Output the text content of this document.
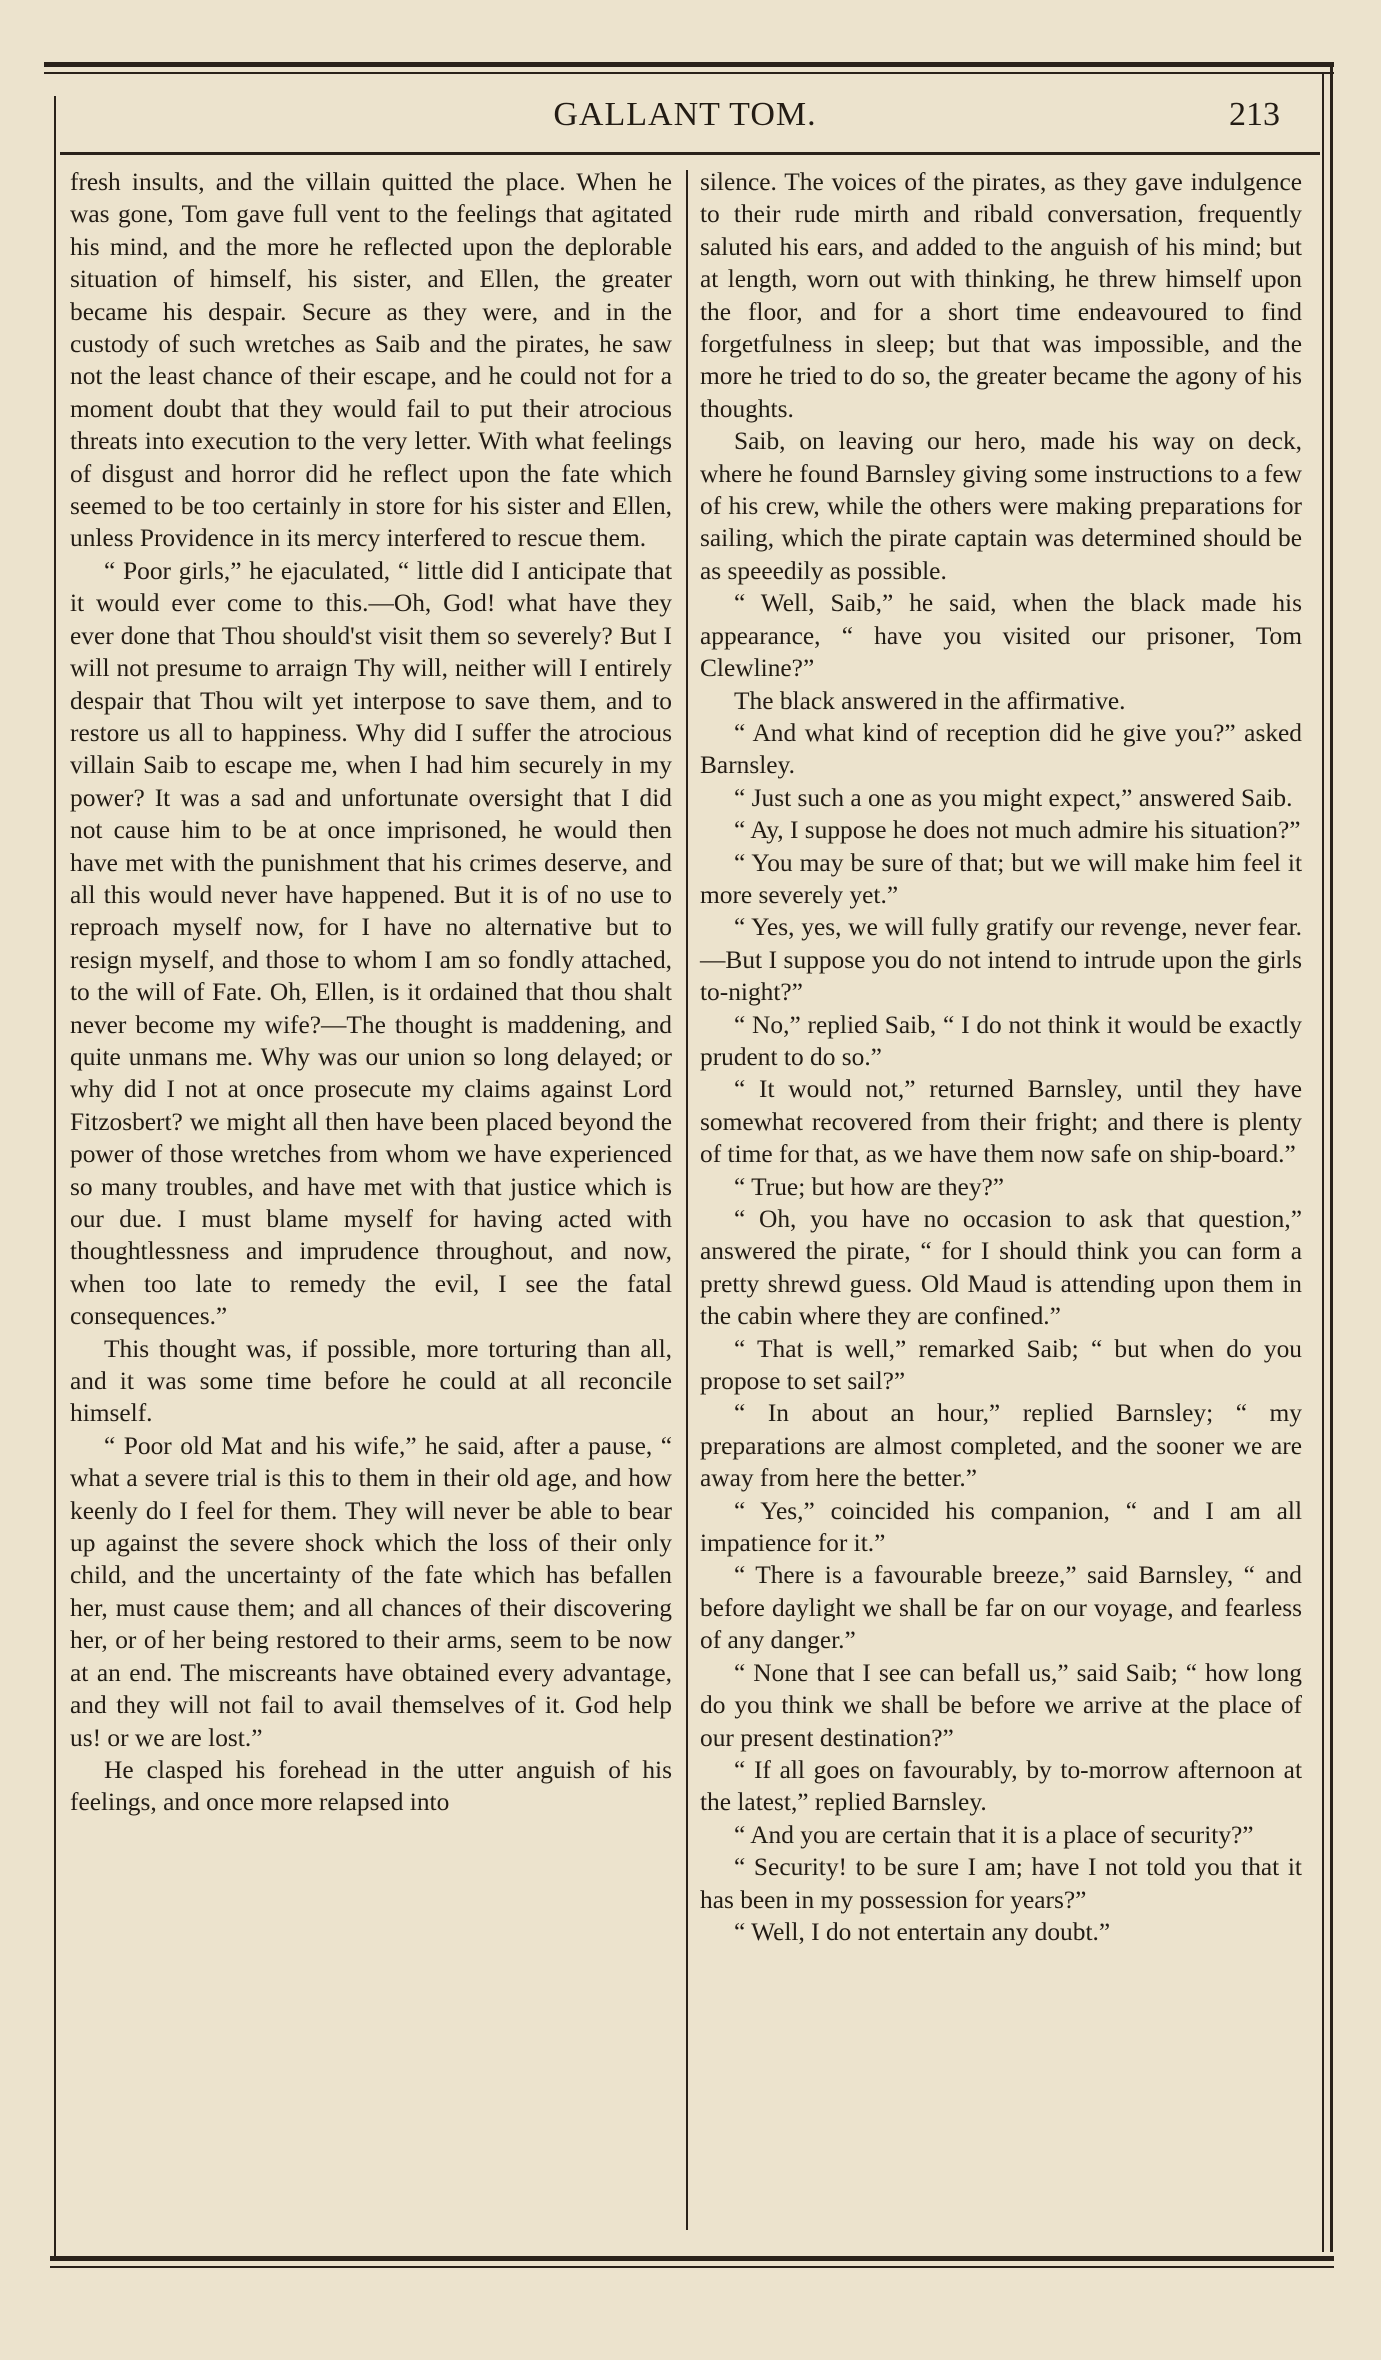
GALLANT TOM.	213

fresh insults, and the villain quitted the place. When he was gone, Tom gave full vent to the feelings that agitated his mind, and the more he reflected upon the deplorable situation of himself, his sister, and Ellen, the greater became his despair. Secure as they were, and in the custody of such wretches as Saib and the pirates, he saw not the least chance of their escape, and he could not for a moment doubt that they would fail to put their atrocious threats into execution to the very letter. With what feelings of disgust and horror did he reflect upon the fate which seemed to be too certainly in store for his sister and Ellen, unless Providence in its mercy interfered to rescue them.

“ Poor girls,” he ejaculated, “ little did I anticipate that it would ever come to this.—Oh, God! what have they ever done that Thou should'st visit them so severely? But I will not presume to arraign Thy will, neither will I entirely despair that Thou wilt yet interpose to save them, and to restore us all to happiness. Why did I suffer the atrocious villain Saib to escape me, when I had him securely in my power? It was a sad and unfortunate oversight that I did not cause him to be at once imprisoned, he would then have met with the punishment that his crimes deserve, and all this would never have happened. But it is of no use to reproach myself now, for I have no alternative but to resign myself, and those to whom I am so fondly attached, to the will of Fate. Oh, Ellen, is it ordained that thou shalt never become my wife?—The thought is maddening, and quite unmans me. Why was our union so long delayed; or why did I not at once prosecute my claims against Lord Fitzosbert? we might all then have been placed beyond the power of those wretches from whom we have experienced so many troubles, and have met with that justice which is our due. I must blame myself for having acted with thoughtlessness and imprudence throughout, and now, when too late to remedy the evil, I see the fatal consequences.”

This thought was, if possible, more torturing than all, and it was some time before he could at all reconcile himself.

“ Poor old Mat and his wife,” he said, after a pause, “ what a severe trial is this to them in their old age, and how keenly do I feel for them. They will never be able to bear up against the severe shock which the loss of their only child, and the uncertainty of the fate which has befallen her, must cause them; and all chances of their discovering her, or of her being restored to their arms, seem to be now at an end. The miscreants have obtained every advantage, and they will not fail to avail themselves of it. God help us! or we are lost.”

He clasped his forehead in the utter anguish of his feelings, and once more relapsed into

silence. The voices of the pirates, as they gave indulgence to their rude mirth and ribald conversation, frequently saluted his ears, and added to the anguish of his mind; but at length, worn out with thinking, he threw himself upon the floor, and for a short time endeavoured to find forgetfulness in sleep; but that was impossible, and the more he tried to do so, the greater became the agony of his thoughts.

Saib, on leaving our hero, made his way on deck, where he found Barnsley giving some instructions to a few of his crew, while the others were making preparations for sailing, which the pirate captain was determined should be as speeedily as possible.

“ Well, Saib,” he said, when the black made his appearance, “ have you visited our prisoner, Tom Clewline?”

The black answered in the affirmative.

“ And what kind of reception did he give you?” asked Barnsley.

“ Just such a one as you might expect,” answered Saib.

“ Ay, I suppose he does not much admire his situation?”

“ You may be sure of that; but we will make him feel it more severely yet.”

“ Yes, yes, we will fully gratify our revenge, never fear.—But I suppose you do not intend to intrude upon the girls to-night?”

“ No,” replied Saib, “ I do not think it would be exactly prudent to do so.”

“ It would not,” returned Barnsley, until they have somewhat recovered from their fright; and there is plenty of time for that, as we have them now safe on ship-board.”

“ True; but how are they?”

“ Oh, you have no occasion to ask that question,” answered the pirate, “ for I should think you can form a pretty shrewd guess. Old Maud is attending upon them in the cabin where they are confined.”

“ That is well,” remarked Saib; “ but when do you propose to set sail?”

“ In about an hour,” replied Barnsley; “ my preparations are almost completed, and the sooner we are away from here the better.”

“ Yes,” coincided his companion, “ and I am all impatience for it.”

“ There is a favourable breeze,” said Barnsley, “ and before daylight we shall be far on our voyage, and fearless of any danger.”

“ None that I see can befall us,” said Saib; “ how long do you think we shall be before we arrive at the place of our present destination?”

“ If all goes on favourably, by to-morrow afternoon at the latest,” replied Barnsley.

“ And you are certain that it is a place of security?”

“ Security! to be sure I am; have I not told you that it has been in my possession for years?”

“ Well, I do not entertain any doubt.”
